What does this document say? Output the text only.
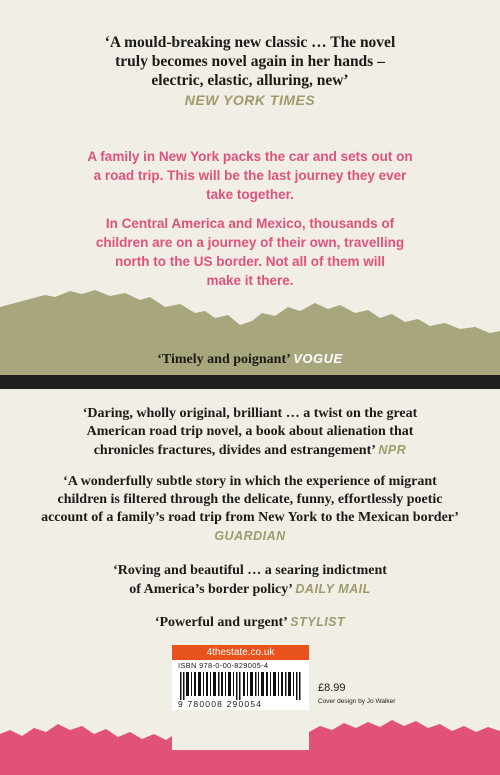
‘A mould-breaking new classic … The novel
truly becomes novel again in her hands –
electric, elastic, alluring, new’
NEW YORK TIMES
A family in New York packs the car and sets out on
a road trip. This will be the last journey they ever
take together.
In Central America and Mexico, thousands of
children are on a journey of their own, travelling
north to the US border. Not all of them will
make it there.
‘Timely and poignant’ VOGUE
‘Daring, wholly original, brilliant … a twist on the great
American road trip novel, a book about alienation that
chronicles fractures, divides and estrangement’ NPR
‘A wonderfully subtle story in which the experience of migrant
children is filtered through the delicate, funny, effortlessly poetic
account of a family’s road trip from New York to the Mexican border’
GUARDIAN
‘Roving and beautiful … a searing indictment
of America’s border policy’ DAILY MAIL
‘Powerful and urgent’ STYLIST
4thestate.co.uk
ISBN 978-0-00-829005-4
9 780008 290054
£8.99
Cover design by Jo Walker
